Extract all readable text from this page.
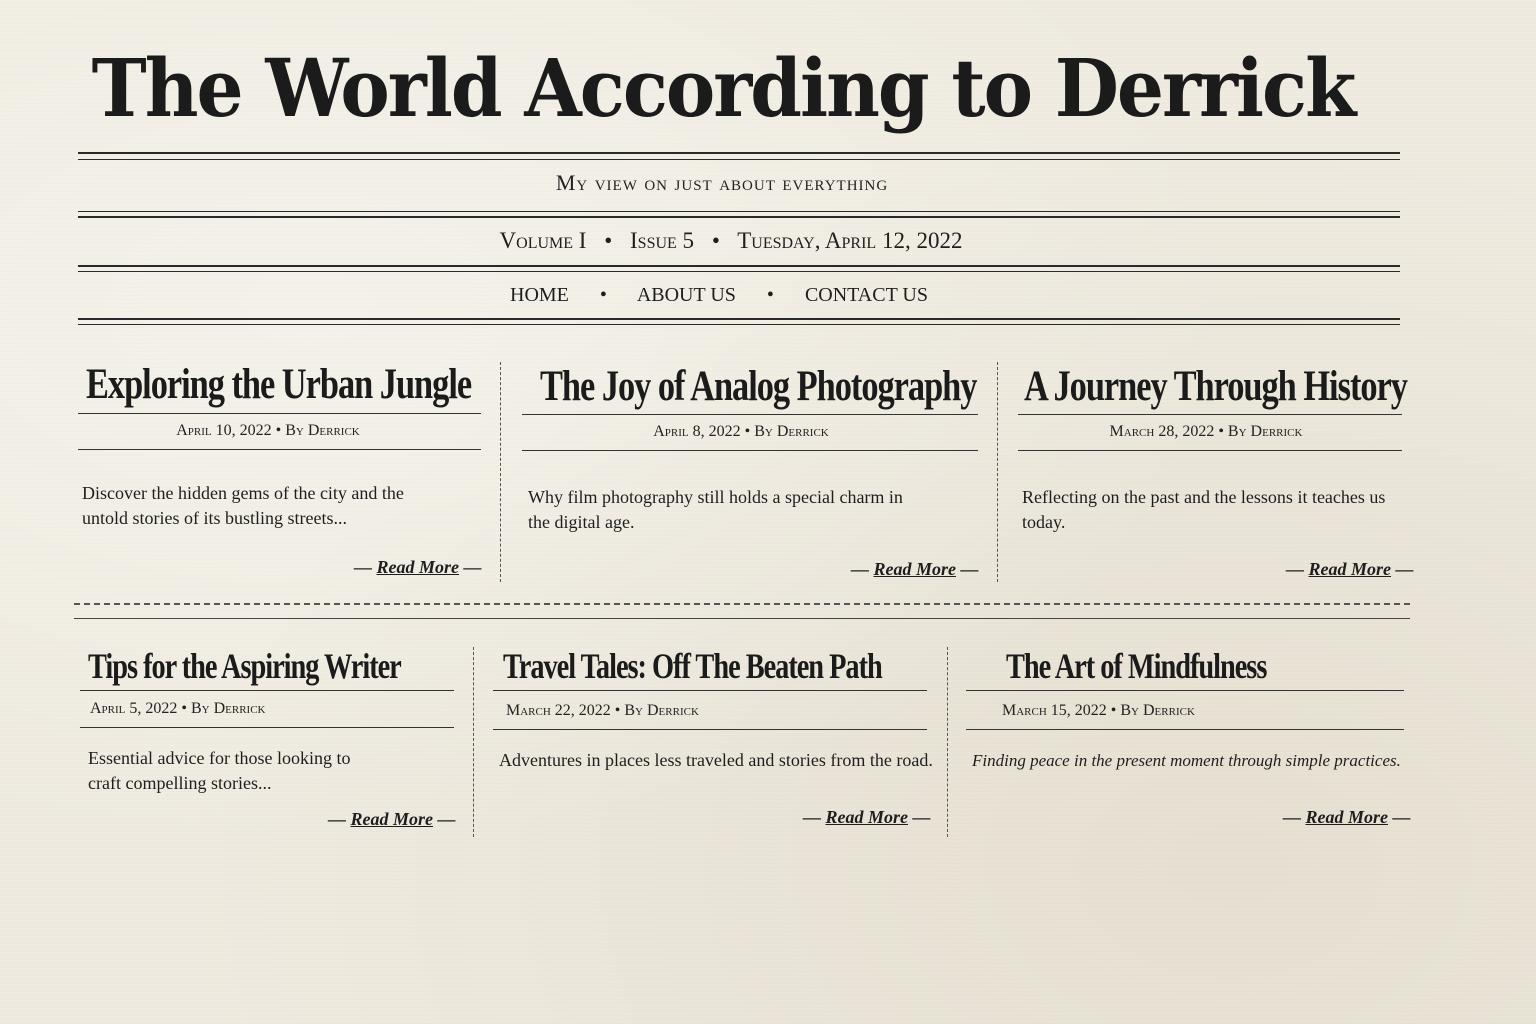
The World According to Derrick
My view on just about everything
Volume I • Issue 5 • Tuesday, April 12, 2022
HOME • ABOUT US • CONTACT US
Exploring the Urban Jungle
April 10, 2022 • By Derrick

Discover the hidden gems of the city and the untold stories of its bustling streets...

— Read More —
The Joy of Analog Photography
April 8, 2022 • By Derrick

Why film photography still holds a special charm in the digital age.

— Read More —
A Journey Through History
March 28, 2022 • By Derrick

Reflecting on the past and the lessons it teaches us today.

— Read More —
Tips for the Aspiring Writer
April 5, 2022 • By Derrick

Essential advice for those looking to craft compelling stories...

— Read More —
Travel Tales: Off The Beaten Path
March 22, 2022 • By Derrick

Adventures in places less traveled and stories from the road.

— Read More —
The Art of Mindfulness
March 15, 2022 • By Derrick

Finding peace in the present moment through simple practices.

— Read More —
